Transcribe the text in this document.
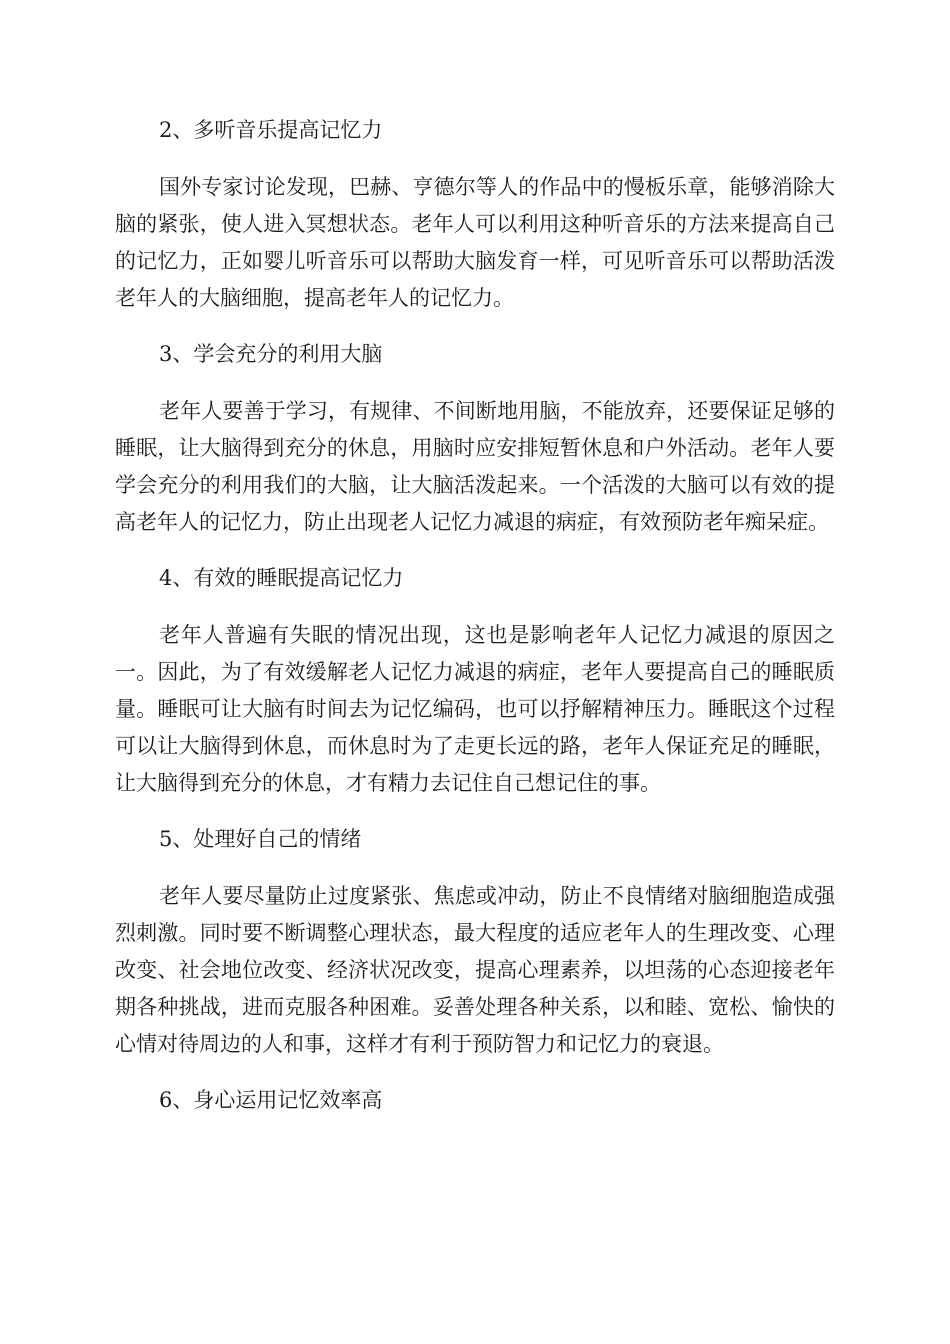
2、多听音乐提高记忆力

国外专家讨论发现，巴赫、亨德尔等人的作品中的慢板乐章，能够消除大脑的紧张，使人进入冥想状态。老年人可以利用这种听音乐的方法来提高自己的记忆力，正如婴儿听音乐可以帮助大脑发育一样，可见听音乐可以帮助活泼老年人的大脑细胞，提高老年人的记忆力。

3、学会充分的利用大脑

老年人要善于学习，有规律、不间断地用脑，不能放弃，还要保证足够的睡眠，让大脑得到充分的休息，用脑时应安排短暂休息和户外活动。老年人要学会充分的利用我们的大脑，让大脑活泼起来。一个活泼的大脑可以有效的提高老年人的记忆力，防止出现老人记忆力减退的病症，有效预防老年痴呆症。

4、有效的睡眠提高记忆力

老年人普遍有失眠的情况出现，这也是影响老年人记忆力减退的原因之一。因此，为了有效缓解老人记忆力减退的病症，老年人要提高自己的睡眠质量。睡眠可让大脑有时间去为记忆编码，也可以抒解精神压力。睡眠这个过程可以让大脑得到休息，而休息时为了走更长远的路，老年人保证充足的睡眠，让大脑得到充分的休息，才有精力去记住自己想记住的事。

5、处理好自己的情绪

老年人要尽量防止过度紧张、焦虑或冲动，防止不良情绪对脑细胞造成强烈刺激。同时要不断调整心理状态，最大程度的适应老年人的生理改变、心理改变、社会地位改变、经济状况改变，提高心理素养，以坦荡的心态迎接老年期各种挑战，进而克服各种困难。妥善处理各种关系，以和睦、宽松、愉快的心情对待周边的人和事，这样才有利于预防智力和记忆力的衰退。

6、身心运用记忆效率高
